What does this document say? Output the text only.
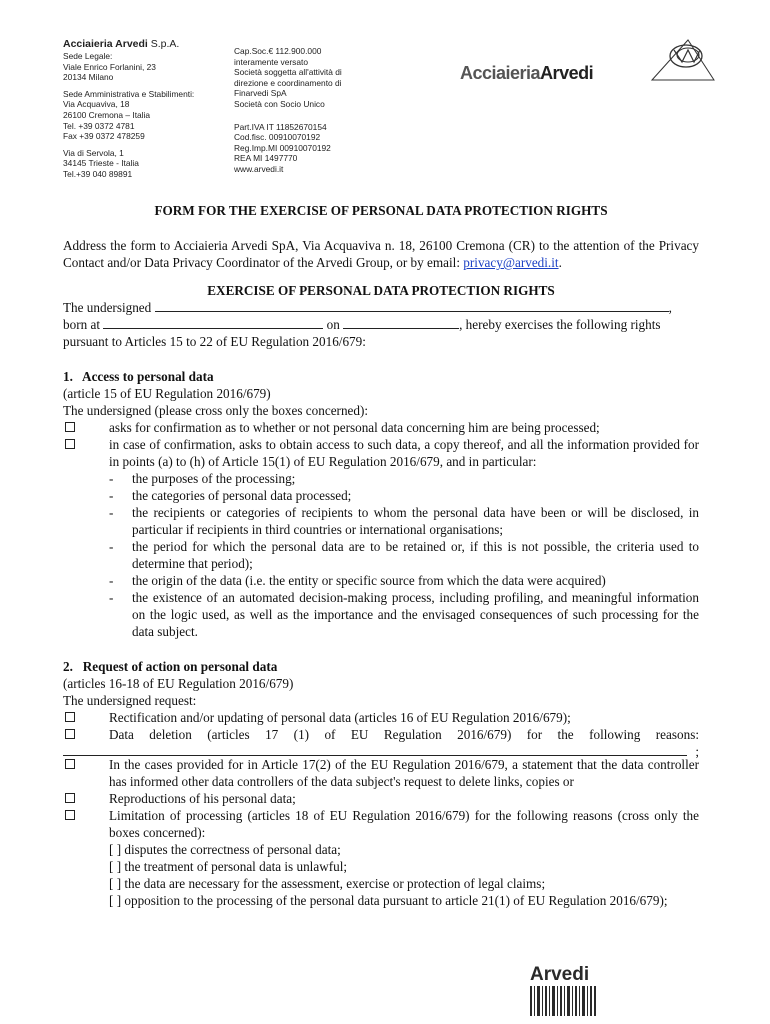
Acciaieria Arvedi S.p.A.
Sede Legale:
Viale Enrico Forlanini, 23
20134 Milano
Sede Amministrativa e Stabilimenti:
Via Acquaviva, 18
26100 Cremona – Italia
Tel. +39 0372 4781
Fax +39 0372 478259
Via di Servola, 1
34145 Trieste - Italia
Tel.+39 040 89891
Cap.Soc.€ 112.900.000
interamente versato
Società soggetta all'attività di
direzione e coordinamento di
Finarvedi SpA
Società con Socio Unico
Part.IVA IT 11852670154
Cod.fisc. 00910070192
Reg.Imp.MI 00910070192
REA MI 1497770
www.arvedi.it
AcciaieriaArvedi
FORM FOR THE EXERCISE OF PERSONAL DATA PROTECTION RIGHTS
Address the form to Acciaieria Arvedi SpA, Via Acquaviva n. 18, 26100 Cremona (CR) to the attention of the Privacy Contact and/or Data Privacy Coordinator of the Arvedi Group, or by email: privacy@arvedi.it.
EXERCISE OF PERSONAL DATA PROTECTION RIGHTS
The undersigned	,
born at	on	, hereby exercises the following rights
pursuant to Articles 15 to 22 of EU Regulation 2016/679:
1.   Access to personal data
(article 15 of EU Regulation 2016/679)
The undersigned (please cross only the boxes concerned):
asks for confirmation as to whether or not personal data concerning him are being processed;
in case of confirmation, asks to obtain access to such data, a copy thereof, and all the information provided for in points (a) to (h) of Article 15(1) of EU Regulation 2016/679, and in particular:
- the purposes of the processing;
- the categories of personal data processed;
- the recipients or categories of recipients to whom the personal data have been or will be disclosed, in particular if recipients in third countries or international organisations;
- the period for which the personal data are to be retained or, if this is not possible, the criteria used to determine that period);
- the origin of the data (i.e. the entity or specific source from which the data were acquired)
- the existence of an automated decision-making process, including profiling, and meaningful information on the logic used, as well as the importance and the envisaged consequences of such processing for the data subject.
2.   Request of action on personal data
(articles 16-18 of EU Regulation 2016/679)
The undersigned request:
Rectification and/or updating of personal data (articles 16 of EU Regulation 2016/679);
Data deletion (articles 17 (1) of EU Regulation 2016/679) for the following reasons:
;
In the cases provided for in Article 17(2) of the EU Regulation 2016/679, a statement that the data controller has informed other data controllers of the data subject's request to delete links, copies or
Reproductions of his personal data;
Limitation of processing (articles 18 of EU Regulation 2016/679) for the following reasons (cross only the boxes concerned):
[ ] disputes the correctness of personal data;
[ ] the treatment of personal data is unlawful;
[ ] the data are necessary for the assessment, exercise or protection of legal claims;
[ ] opposition to the processing of the personal data pursuant to article 21(1) of EU Regulation 2016/679);
Arvedi
